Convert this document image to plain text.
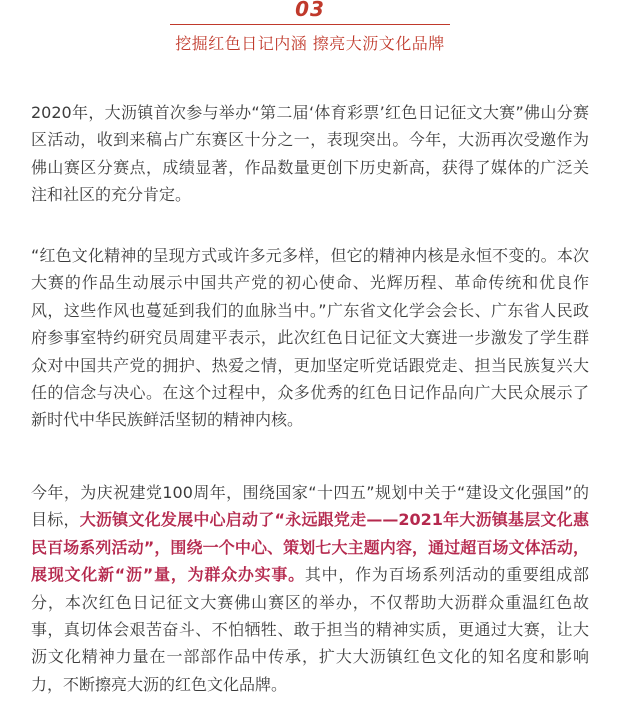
03
挖掘红色日记内涵 擦亮大沥文化品牌

2020年，大沥镇首次参与举办“第二届‘体育彩票’红色日记征文大赛”佛山分赛区活动，收到来稿占广东赛区十分之一，表现突出。今年，大沥再次受邀作为佛山赛区分赛点，成绩显著，作品数量更创下历史新高，获得了媒体的广泛关注和社区的充分肯定。

“红色文化精神的呈现方式或许多元多样，但它的精神内核是永恒不变的。本次大赛的作品生动展示中国共产党的初心使命、光辉历程、革命传统和优良作风，这些作风也蔓延到我们的血脉当中。”广东省文化学会会长、广东省人民政府参事室特约研究员周建平表示，此次红色日记征文大赛进一步激发了学生群众对中国共产党的拥护、热爱之情，更加坚定听党话跟党走、担当民族复兴大任的信念与决心。在这个过程中，众多优秀的红色日记作品向广大民众展示了新时代中华民族鲜活坚韧的精神内核。

今年，为庆祝建党100周年，围绕国家“十四五”规划中关于“建设文化强国”的目标，大沥镇文化发展中心启动了“永远跟党走——2021年大沥镇基层文化惠民百场系列活动”，围绕一个中心、策划七大主题内容，通过超百场文体活动，展现文化新“沥”量，为群众办实事。其中，作为百场系列活动的重要组成部分，本次红色日记征文大赛佛山赛区的举办，不仅帮助大沥群众重温红色故事，真切体会艰苦奋斗、不怕牺牲、敢于担当的精神实质，更通过大赛，让大沥文化精神力量在一部部作品中传承，扩大大沥镇红色文化的知名度和影响力，不断擦亮大沥的红色文化品牌。
